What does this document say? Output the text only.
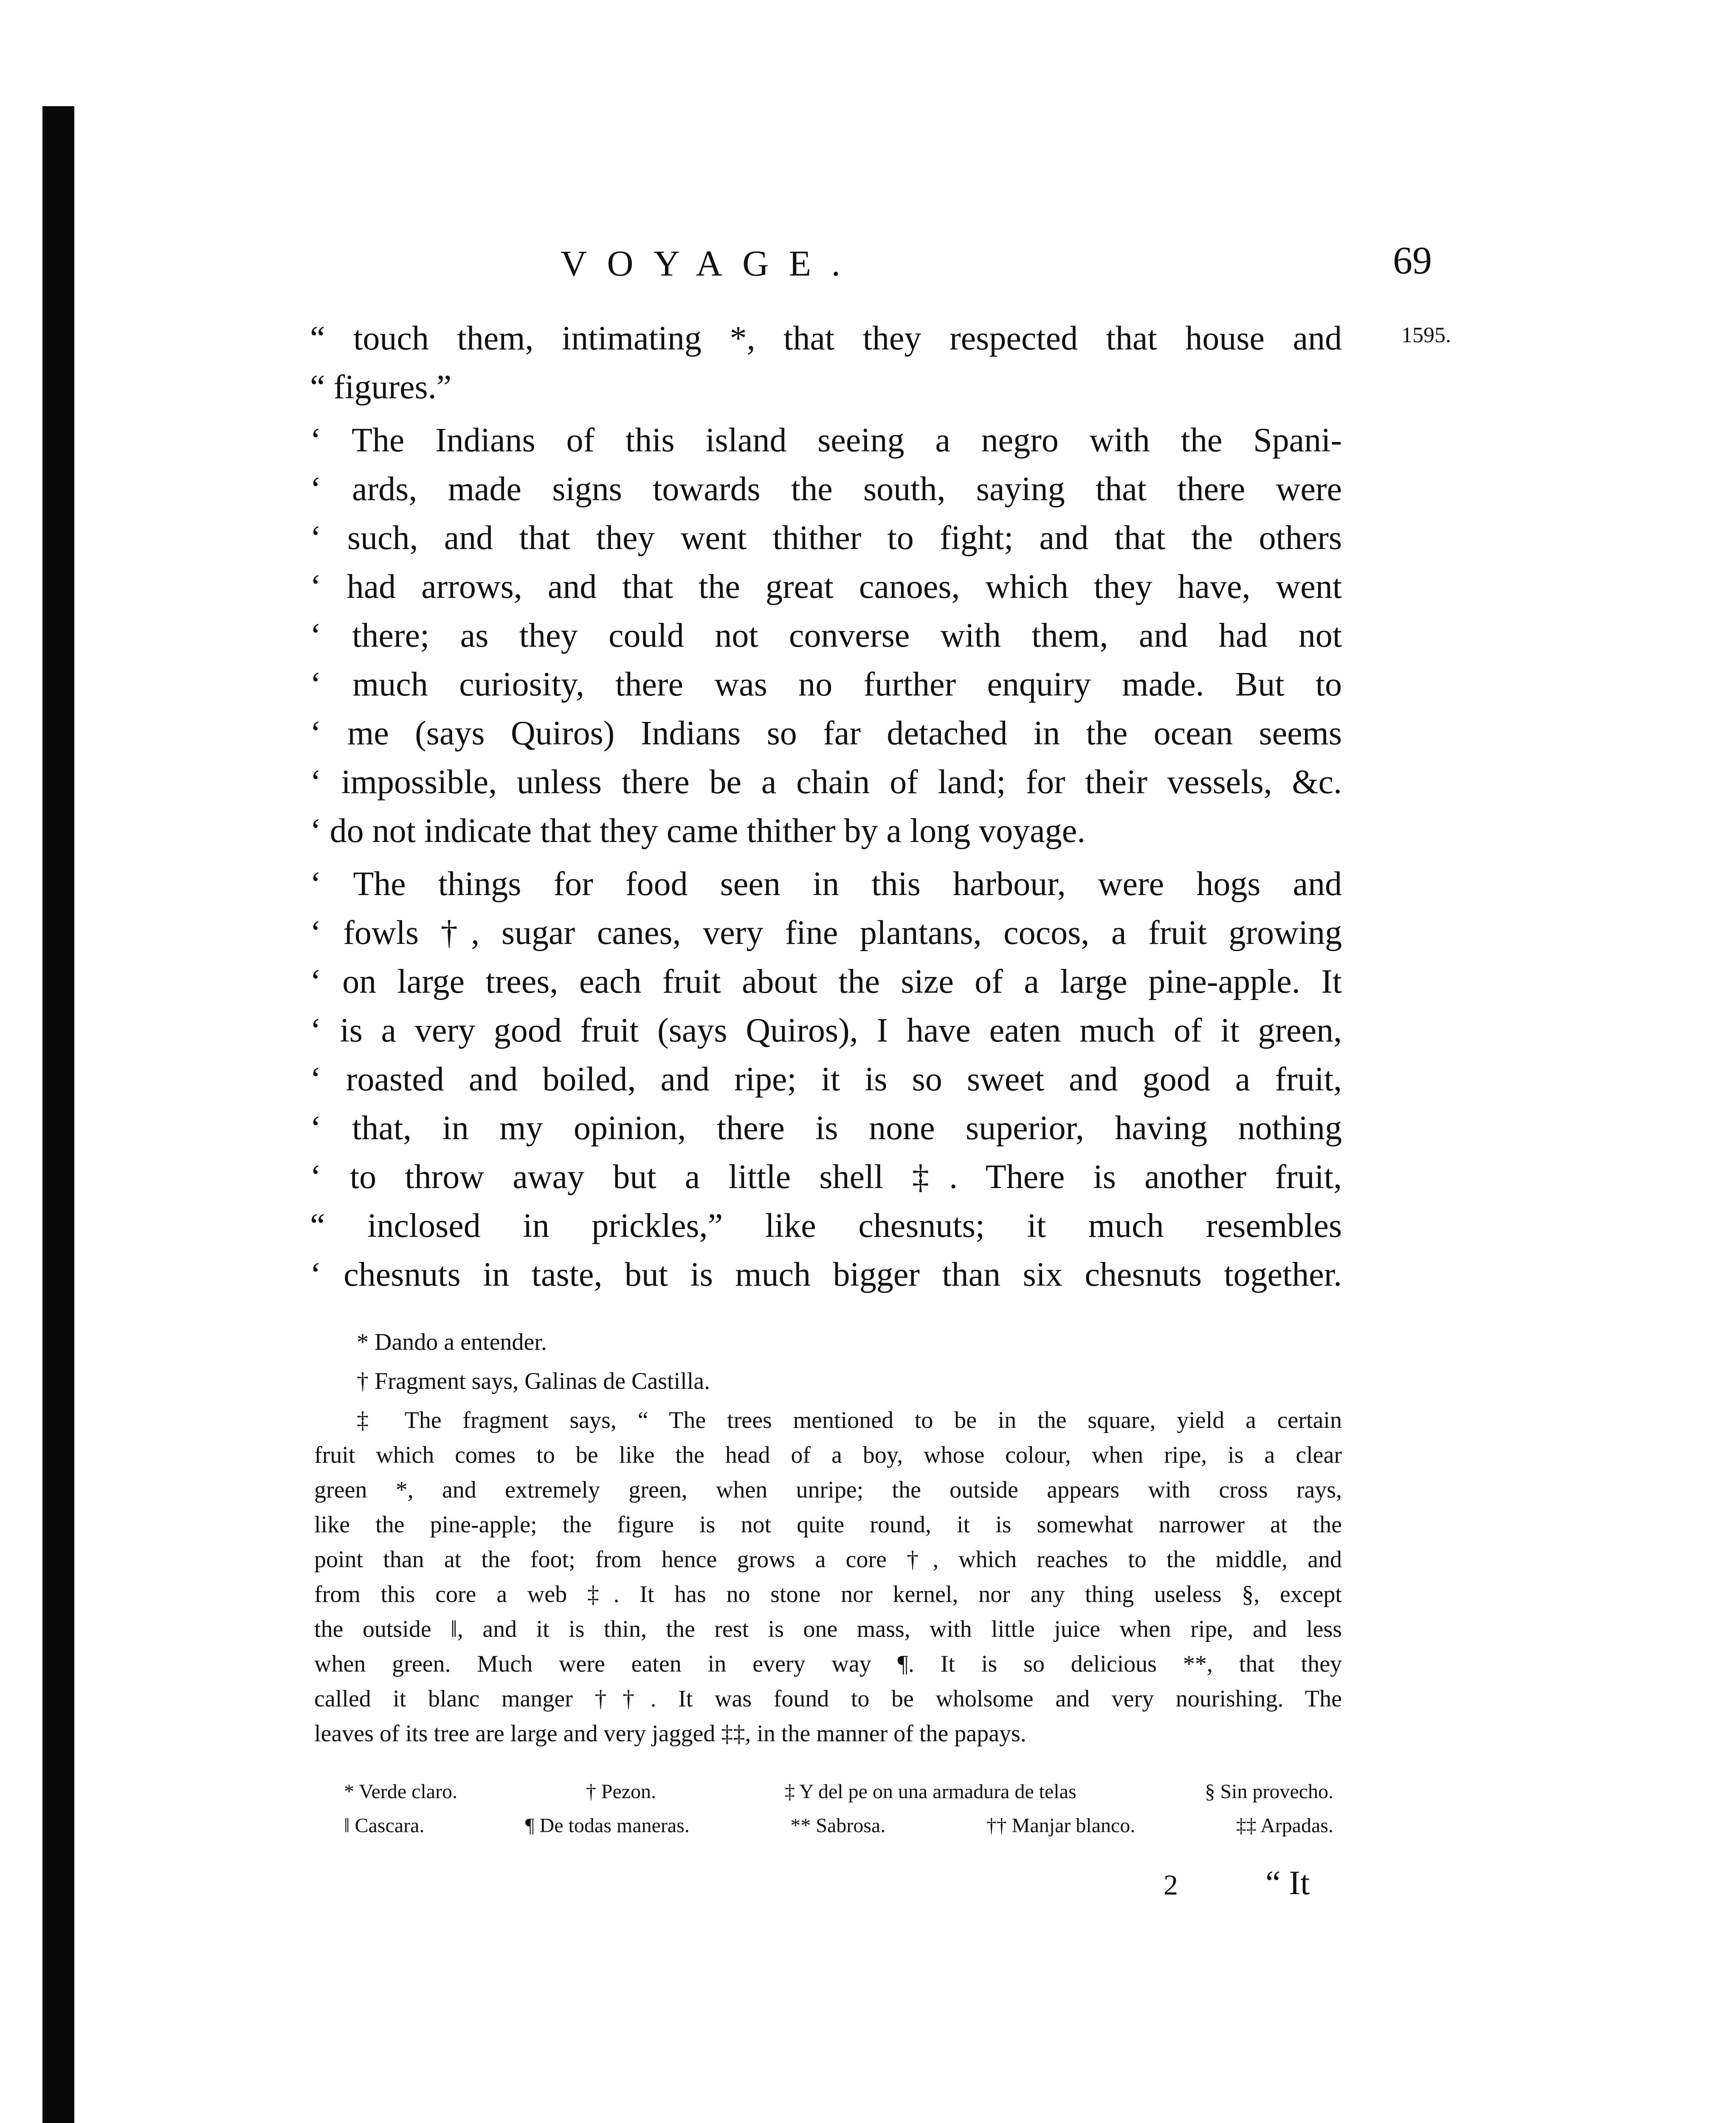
VOYAGE.	69
1595.
“ touch them, intimating *, that they respected that house and
“ figures.”
‘ The Indians of this island seeing a negro with the Spani-
‘ ards, made signs towards the south, saying that there were
‘ such, and that they went thither to fight; and that the others
‘ had arrows, and that the great canoes, which they have, went
‘ there; as they could not converse with them, and had not
‘ much curiosity, there was no further enquiry made. But to
‘ me (says Quiros) Indians so far detached in the ocean seems
‘ impossible, unless there be a chain of land; for their vessels, &c.
‘ do not indicate that they came thither by a long voyage.
‘ The things for food seen in this harbour, were hogs and
‘ fowls †, sugar canes, very fine plantans, cocos, a fruit growing
‘ on large trees, each fruit about the size of a large pine-apple. It
‘ is a very good fruit (says Quiros), I have eaten much of it green,
‘ roasted and boiled, and ripe; it is so sweet and good a fruit,
‘ that, in my opinion, there is none superior, having nothing
‘ to throw away but a little shell ‡. There is another fruit,
“ inclosed in prickles,” like chesnuts; it much resembles
‘ chesnuts in taste, but is much bigger than six chesnuts together.
* Dando a entender.
† Fragment says, Galinas de Castilla.
‡ The fragment says, “ The trees mentioned to be in the square, yield a certain
fruit which comes to be like the head of a boy, whose colour, when ripe, is a clear
green *, and extremely green, when unripe; the outside appears with cross rays,
like the pine-apple; the figure is not quite round, it is somewhat narrower at the
point than at the foot; from hence grows a core †, which reaches to the middle, and
from this core a web ‡. It has no stone nor kernel, nor any thing useless §, except
the outside ‖, and it is thin, the rest is one mass, with little juice when ripe, and less
when green. Much were eaten in every way ¶. It is so delicious **, that they
called it blanc manger ††. It was found to be wholsome and very nourishing. The
leaves of its tree are large and very jagged ‡‡, in the manner of the papays.
* Verde claro.	† Pezon.	‡ Y del pe on una armadura de telas	§ Sin provecho.
‖ Cascara.	¶ De todas maneras.	** Sabrosa.	†† Manjar blanco.	‡‡ Arpadas.
2	“ It
